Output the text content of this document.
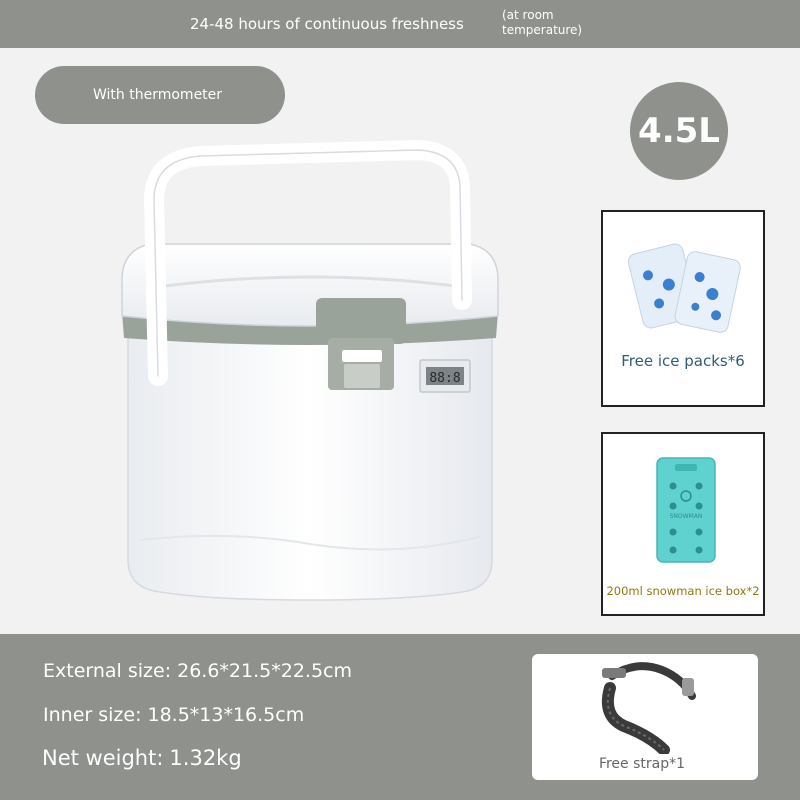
24-48 hours of continuous freshness	(at room temperature)
With thermometer
4.5L
88:8
Free ice packs*6
SNOWMAN
200ml snowman ice box*2
External size: 26.6*21.5*22.5cm
Inner size: 18.5*13*16.5cm
Net weight: 1.32kg	Free strap*1
